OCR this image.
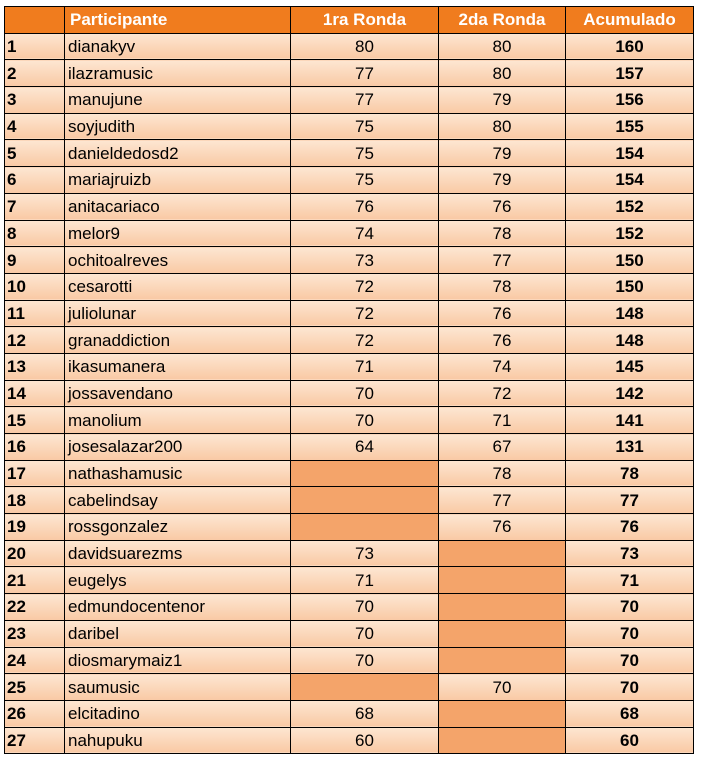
	Participante	1ra Ronda	2da Ronda	Acumulado
1	dianakyv	80	80	160
2	ilazramusic	77	80	157
3	manujune	77	79	156
4	soyjudith	75	80	155
5	danieldedosd2	75	79	154
6	mariajruizb	75	79	154
7	anitacariaco	76	76	152
8	melor9	74	78	152
9	ochitoalreves	73	77	150
10	cesarotti	72	78	150
11	juliolunar	72	76	148
12	granaddiction	72	76	148
13	ikasumanera	71	74	145
14	jossavendano	70	72	142
15	manolium	70	71	141
16	josesalazar200	64	67	131
17	nathashamusic		78	78
18	cabelindsay		77	77
19	rossgonzalez		76	76
20	davidsuarezms	73		73
21	eugelys	71		71
22	edmundocentenor	70		70
23	daribel	70		70
24	diosmarymaiz1	70		70
25	saumusic		70	70
26	elcitadino	68		68
27	nahupuku	60		60
